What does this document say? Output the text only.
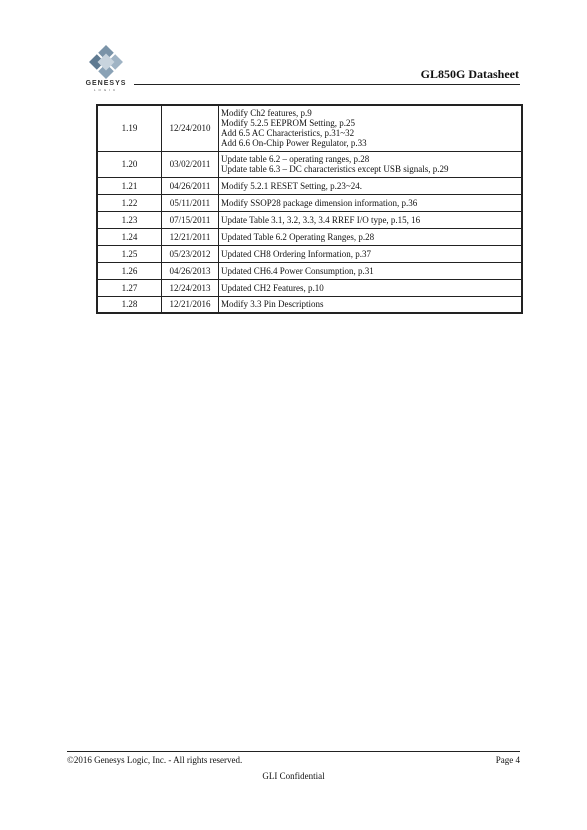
GENESYS
LOGIC
GL850G Datasheet
1.19	12/24/2010	Modify Ch2 features, p.9
Modify 5.2.5 EEPROM Setting, p.25
Add 6.5 AC Characteristics, p.31~32
Add 6.6 On-Chip Power Regulator, p.33

1.20	03/02/2011	Update table 6.2 – operating ranges, p.28
Update table 6.3 – DC characteristics except USB signals, p.29

1.21	04/26/2011	Modify 5.2.1 RESET Setting, p.23~24.

1.22	05/11/2011	Modify SSOP28 package dimension information, p.36

1.23	07/15/2011	Update Table 3.1, 3.2, 3.3, 3.4 RREF I/O type, p.15, 16

1.24	12/21/2011	Updated Table 6.2 Operating Ranges, p.28

1.25	05/23/2012	Updated CH8 Ordering Information, p.37

1.26	04/26/2013	Updated CH6.4 Power Consumption, p.31

1.27	12/24/2013	Updated CH2 Features, p.10

1.28	12/21/2016	Modify 3.3 Pin Descriptions
©2016 Genesys Logic, Inc. - All rights reserved.	Page 4
GLI Confidential
